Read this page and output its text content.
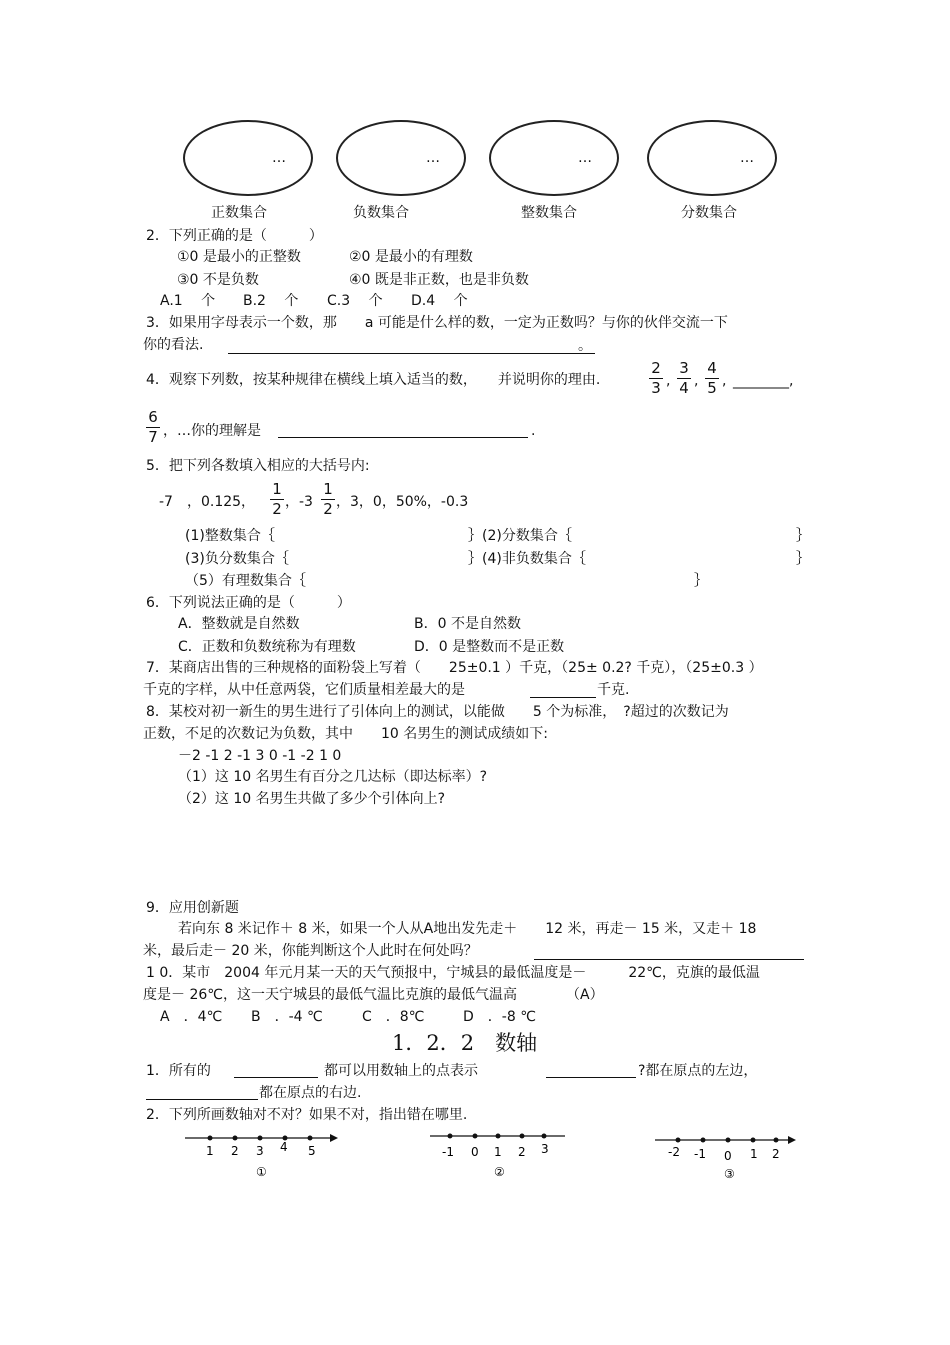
…	…	…	…
正数集合	负数集合	整数集合	分数集合
2．下列正确的是（　　　）
①0 是最小的正整数	②0 是最小的有理数
③0 不是负数	④0 既是非正数，也是非负数
A.1　 个 B.2　 个 C.3　 个 D.4　 个
3．如果用字母表示一个数，那　　a 可能是什么样的数，一定为正数吗？与你的伙伴交流一下
你的看法.	。
4．观察下列数，按某种规律在横线上填入适当的数，　　并说明你的理由.
2
3 ,
3
4 ,
4
5 , ________,
6
7 ，…你的理解是	.
5．把下列各数填入相应的大括号内:
-7　，0.125，
1
2 ，-3
1
2 ，3，0，50%，-0.3
(1)整数集合｛	｝(2)分数集合｛	｝
(3)负分数集合｛	｝(4)非负数集合｛	｝
（5）有理数集合｛	｝
6．下列说法正确的是（　　　）
A．整数就是自然数	B．0 不是自然数
C．正数和负数统称为有理数	D．0 是整数而不是正数
7．某商店出售的三种规格的面粉袋上写着（　　25±0.1 ）千克，（25± 0.2? 千克），（25±0.3 ）
千克的字样，从中任意两袋，它们质量相差最大的是	千克.
8．某校对初一新生的男生进行了引体向上的测试，以能做　　5 个为标准，　?超过的次数记为
正数，不足的次数记为负数，其中　　10 名男生的测试成绩如下:
－2 -1 2 -1 3 0 -1 -2 1 0
（1）这 10 名男生有百分之几达标（即达标率）?
（2）这 10 名男生共做了多少个引体向上?
9．应用创新题
若向东 8 米记作＋ 8 米，如果一个人从A地出发先走＋　　12 米，再走－ 15 米，又走＋ 18
米，最后走－ 20 米，你能判断这个人此时在何处吗？
1 0．某市　2004 年元月某一天的天气预报中，宁城县的最低温度是－　　　22℃，克旗的最低温
度是－ 26℃，这一天宁城县的最低气温比克旗的最低气温高　　　　（A）
A　．4℃ B　．-4 ℃	C　．8℃	D　．-8 ℃
1．2．2　数轴
1．所有的	都可以用数轴上的点表示	?都在原点的左边，
都在原点的右边.
2．下列所画数轴对不对？如果不对，指出错在哪里.
1 2 3 4 5
①
-1 0 1 2 3
②
-2 -1 0 1 2
③
